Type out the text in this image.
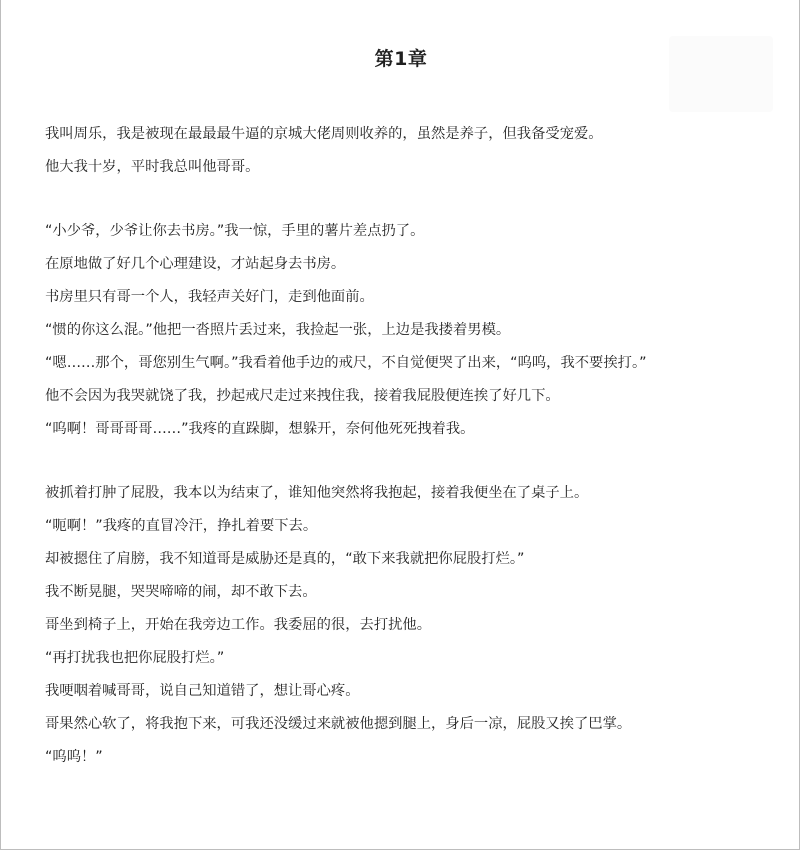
第1章
我叫周乐，我是被现在最最最牛逼的京城大佬周则收养的，虽然是养子，但我备受宠爱。
他大我十岁，平时我总叫他哥哥。
“小少爷，少爷让你去书房。”我一惊，手里的薯片差点扔了。
在原地做了好几个心理建设，才站起身去书房。
书房里只有哥一个人，我轻声关好门，走到他面前。
“惯的你这么混。”他把一沓照片丢过来，我捡起一张，上边是我搂着男模。
“嗯……那个，哥您别生气啊。”我看着他手边的戒尺，不自觉便哭了出来，“呜呜，我不要挨打。”
他不会因为我哭就饶了我，抄起戒尺走过来拽住我，接着我屁股便连挨了好几下。
“呜啊！哥哥哥哥……”我疼的直跺脚，想躲开，奈何他死死拽着我。
被抓着打肿了屁股，我本以为结束了，谁知他突然将我抱起，接着我便坐在了桌子上。
“呃啊！”我疼的直冒冷汗，挣扎着要下去。
却被摁住了肩膀，我不知道哥是威胁还是真的，“敢下来我就把你屁股打烂。”
我不断晃腿，哭哭啼啼的闹，却不敢下去。
哥坐到椅子上，开始在我旁边工作。我委屈的很，去打扰他。
“再打扰我也把你屁股打烂。”
我哽咽着喊哥哥，说自己知道错了，想让哥心疼。
哥果然心软了，将我抱下来，可我还没缓过来就被他摁到腿上，身后一凉，屁股又挨了巴掌。
“呜呜！”
